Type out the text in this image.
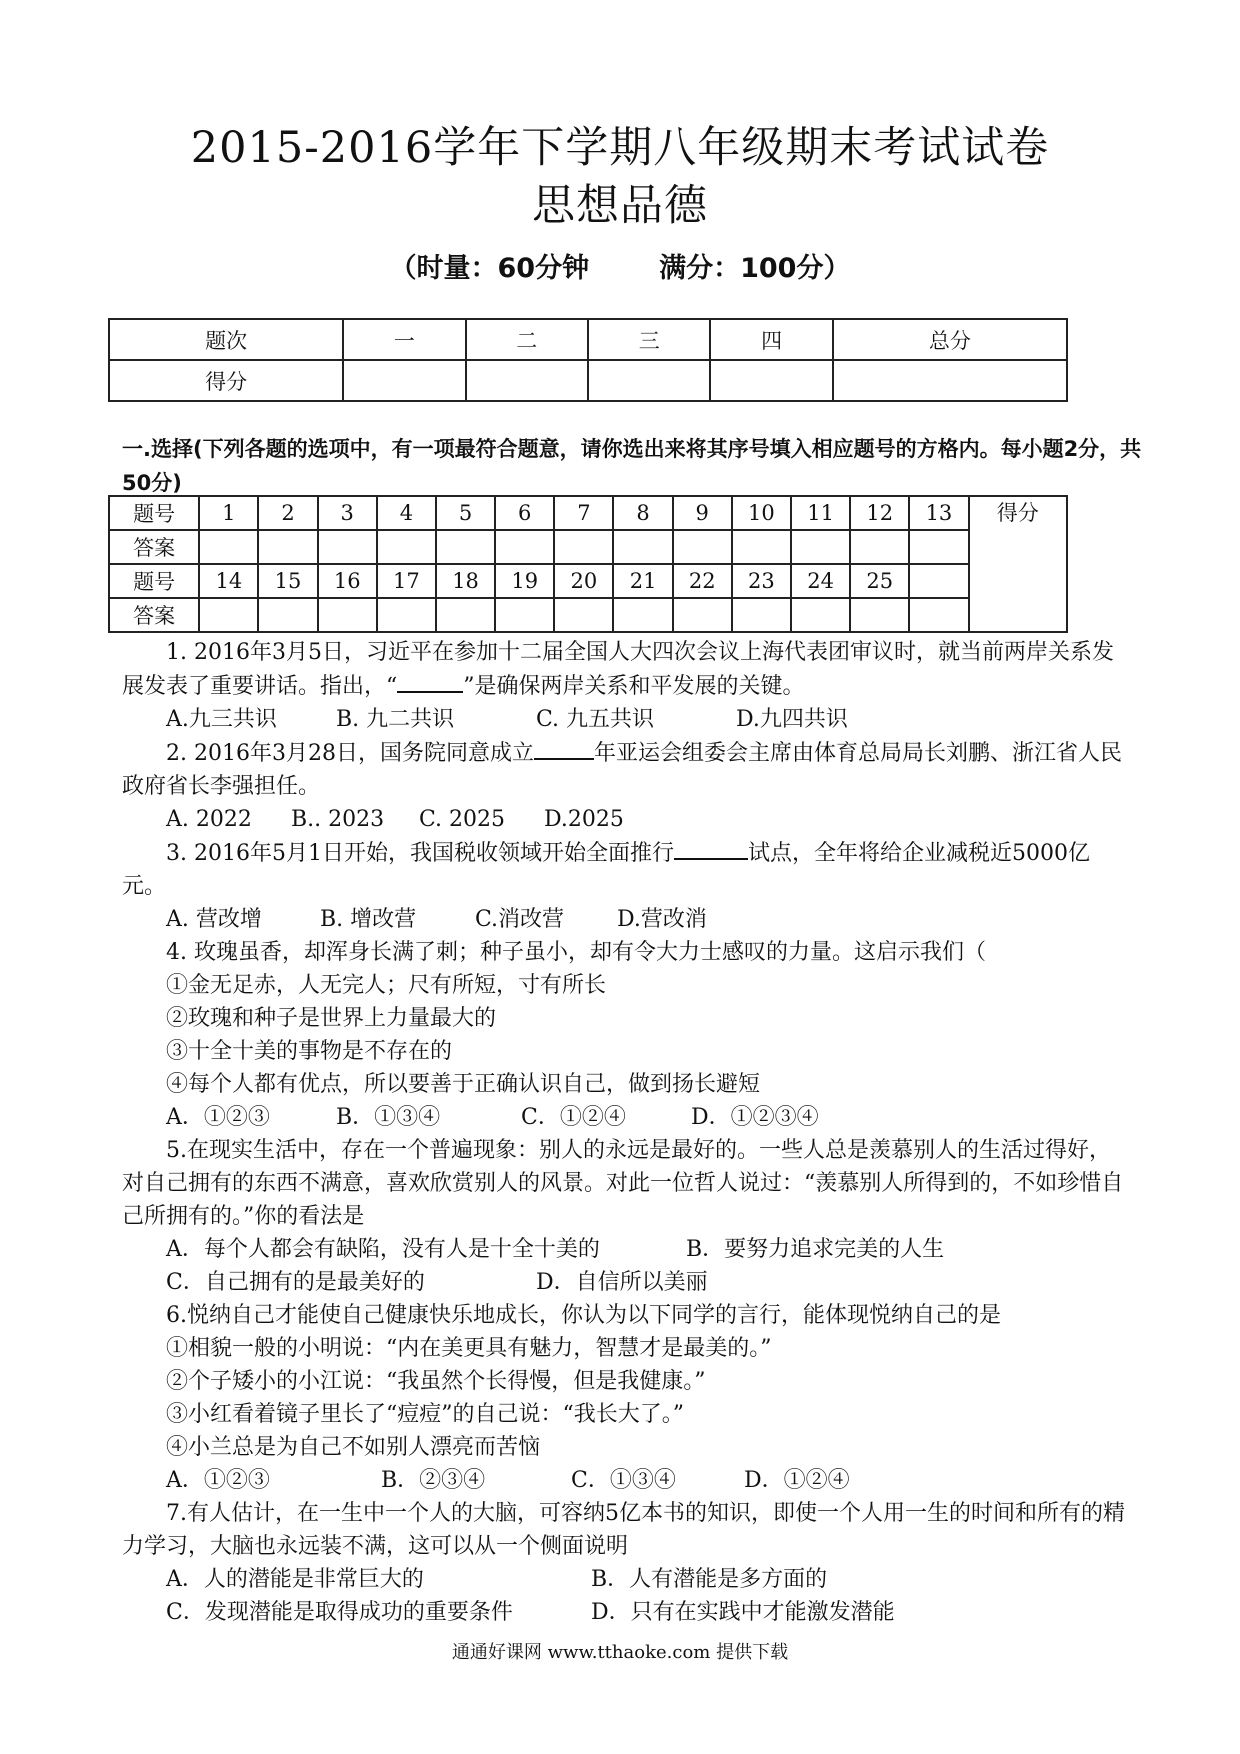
2015-2016学年下学期八年级期末考试试卷
思想品德
（时量：60分钟	满分：100分）
题次	一	二	三	四	总分
得分					
一.选择(下列各题的选项中，有一项最符合题意，请你选出来将其序号填入相应题号的方格内。每小题2分，共50分)
题号	1	2	3	4	5	6	7	8	9	10	11	12	13	得分
答案														
题号	14	15	16	17	18	19	20	21	22	23	24	25		
答案														

1. 2016年3月5日，习近平在参加十二届全国人大四次会议上海代表团审议时，就当前两岸关系发展发表了重要讲话。指出，“	”是确保两岸关系和平发展的关键。

A.九三共识	B. 九二共识	C. 九五共识	D.九四共识

2. 2016年3月28日，国务院同意成立	年亚运会组委会主席由体育总局局长刘鹏、浙江省人民政府省长李强担任。

A. 2022 B.. 2023 C. 2025 D.2025

3. 2016年5月1日开始，我国税收领域开始全面推行	试点，全年将给企业减税近5000亿元。

A. 营改增	B. 增改营	C.消改营 D.营改消

4. 玫瑰虽香，却浑身长满了刺；种子虽小，却有令大力士感叹的力量。这启示我们（

①金无足赤，人无完人；尺有所短，寸有所长

②玫瑰和种子是世界上力量最大的

③十全十美的事物是不存在的

④每个人都有优点，所以要善于正确认识自己，做到扬长避短

A．①②③	B．①③④	C．①②④	D．①②③④

5.在现实生活中，存在一个普遍现象：别人的永远是最好的。一些人总是羡慕别人的生活过得好，对自己拥有的东西不满意，喜欢欣赏别人的风景。对此一位哲人说过：“羡慕别人所得到的，不如珍惜自己所拥有的。”你的看法是

A．每个人都会有缺陷，没有人是十全十美的	B．要努力追求完美的人生

C．自己拥有的是最美好的	D．自信所以美丽

6.悦纳自己才能使自己健康快乐地成长，你认为以下同学的言行，能体现悦纳自己的是

①相貌一般的小明说：“内在美更具有魅力，智慧才是最美的。”

②个子矮小的小江说：“我虽然个长得慢，但是我健康。”

③小红看着镜子里长了“痘痘”的自己说：“我长大了。”

④小兰总是为自己不如别人漂亮而苦恼

A．①②③	B．②③④	C．①③④	D．①②④

7.有人估计，在一生中一个人的大脑，可容纳5亿本书的知识，即使一个人用一生的时间和所有的精力学习，大脑也永远装不满，这可以从一个侧面说明

A．人的潜能是非常巨大的	B．人有潜能是多方面的

C．发现潜能是取得成功的重要条件	D．只有在实践中才能激发潜能

通通好课网 www.tthaoke.com 提供下载
